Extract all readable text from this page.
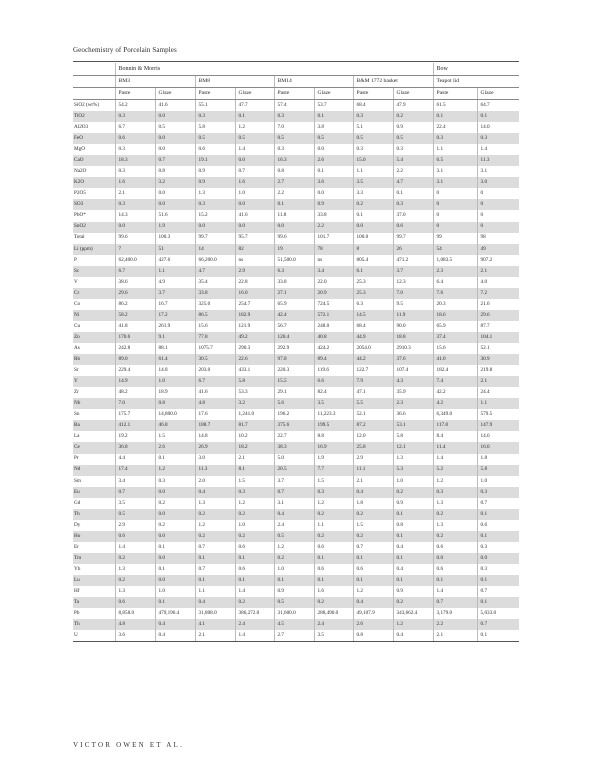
Geochemistry of Porcelain Samples
	Bonnin & Morris								Bow	
	BM3		BM8		BM14		B&M 1772 basket		Teapot lid	
	Paste	Glaze	Paste	Glaze	Paste	Glaze	Paste	Glaze	Paste	Glaze
SiO2 (wt%)	54.2	41.6	55.1	47.7	57.4	53.7	68.4	47.9	61.5	64.7
TiO2	0.3	0.0	0.3	0.1	0.3	0.1	0.3	0.2	0.1	0.1
Al2O3	6.7	0.5	5.8	1.2	7.0	3.8	5.1	0.9	22.4	14.0
FeO	0.6	0.0	0.5	0.5	0.5	0.5	0.5	0.5	0.3	0.3
MgO	0.3	0.0	0.6	1.4	0.3	0.0	0.3	0.3	1.1	1.4
CaO	18.3	0.7	19.1	0.0	16.3	2.6	15.0	5.4	6.5	11.3
Na2O	0.3	0.8	0.9	0.7	0.8	0.1	1.1	2.2	3.1	3.1
K2O	1.6	3.2	0.9	1.6	2.7	3.6	3.5	4.7	3.1	3.0
P2O5	2.1	0.0	1.3	1.0	2.2	0.0	3.3	0.1	0	0
SO3	0.3	0.0	0.3	0.0	0.1	0.9	0.2	0.3	0	0
PbO*	14.3	51.6	15.2	41.6	11.8	33.8	0.1	37.0	0	0
SnO2	0.0	1.9	0.0	0.0	0.0	2.2	0.0	0.6	0	0
Total	99.6	100.3	99.7	95.7	99.6	101.7	100.0	99.7	99	98
Li (ppm)	7	51	14	82	19	78	8	26	54	49
P	62,400.0	427.6	66,200.0	ns	51,500.0	ns	805.4	471.2	1,083.5	907.2
Sc	6.7	1.1	4.7	2.9	6.3	3.4	6.1	3.7	2.3	2.1
V	38.6	4.9	35.4	22.8	33.8	22.0	25.3	12.3	6.4	4.0
Cr	29.6	3.7	33.8	16.0	27.1	20.9	25.3	7.0	7.6	7.2
Co	86.2	16.7	325.0	254.7	65.9	724.5	6.3	9.5	20.3	21.6
Ni	58.2	17.2	86.5	182.9	42.4	572.1	14.5	11.9	18.6	29.6
Cu	41.8	261.9	15.6	121.9	56.7	248.0	68.4	90.0	65.9	87.7
Zn	170.6	9.1	77.8	49.2	120.4	40.8	44.9	18.8	37.4	104.1
As	242.8	88.1	1075.7	290.3	292.9	424.2	2054.0	2910.3	15.6	52.1
Rb	89.0	61.4	30.5	22.6	97.8	89.4	44.2	37.6	41.0	30.9
Sr	229.4	14.8	203.0	433.1	220.3	119.6	122.7	107.4	182.4	219.8
Y	14.9	1.0	6.7	5.8	15.5	6.6	7.9	4.3	7.4	2.1
Zr	48.2	18.9	41.6	53.3	29.1	82.4	47.1	35.9	42.2	24.4
Nb	7.0	0.8	4.8	3.2	5.6	3.5	5.5	2.3	4.2	1.1
Sn	175.7	14,800.0	17.6	1,241.0	196.2	11,223.3	52.1	36.6	6,349.0	579.5
Ba	412.1	46.8	188.7	81.7	375.6	199.5	87.2	53.1	117.8	147.9
La	19.2	1.5	14.8	10.2	22.7	8.8	12.0	5.8	8.4	14.6
Ce	36.8	2.6	26.9	18.2	38.3	16.9	25.8	12.1	11.4	16.0
Pr	4.4	0.1	3.0	2.1	5.0	1.9	2.9	1.3	1.4	1.8
Nd	17.4	1.2	11.3	8.1	20.5	7.7	11.1	5.3	5.2	5.8
Sm	3.4	0.3	2.0	1.5	3.7	1.5	2.1	1.0	1.2	1.0
Eu	0.7	0.0	0.4	0.3	0.7	0.3	0.4	0.2	0.3	0.3
Gd	3.5	0.2	1.3	1.2	3.1	1.2	1.8	0.9	1.3	0.7
Tb	0.5	0.0	0.2	0.2	0.4	0.2	0.2	0.1	0.2	0.1
Dy	2.9	0.2	1.2	1.0	2.4	1.1	1.5	0.8	1.3	0.6
Ho	0.6	0.0	0.2	0.2	0.5	0.2	0.2	0.1	0.2	0.1
Er	1.4	0.1	0.7	0.6	1.2	0.6	0.7	0.4	0.6	0.3
Tm	0.2	0.0	0.1	0.1	0.2	0.1	0.1	0.1	0.0	0.0
Yb	1.3	0.1	0.7	0.6	1.0	0.6	0.6	0.4	0.6	0.3
Lu	0.2	0.0	0.1	0.1	0.1	0.1	0.1	0.1	0.1	0.1
Hf	1.3	1.0	1.1	1.4	0.9	1.6	1.2	0.9	1.4	0.7
Ta	0.6	0.1	0.4	0.2	0.5	0.2	0.4	0.2	0.7	0.1
Pb	8,858.0	479,196.4	31,808.0	386,272.0	31,600.0	288,490.0	49,107.9	343,662.4	3,179.0	5,033.0
Th	4.8	0.4	4.1	2.4	4.5	2.4	2.6	1.2	2.2	0.7
U	3.6	0.4	2.1	1.4	2.7	3.5	0.8	0.4	2.1	0.1
VICTOR OWEN ET AL.
